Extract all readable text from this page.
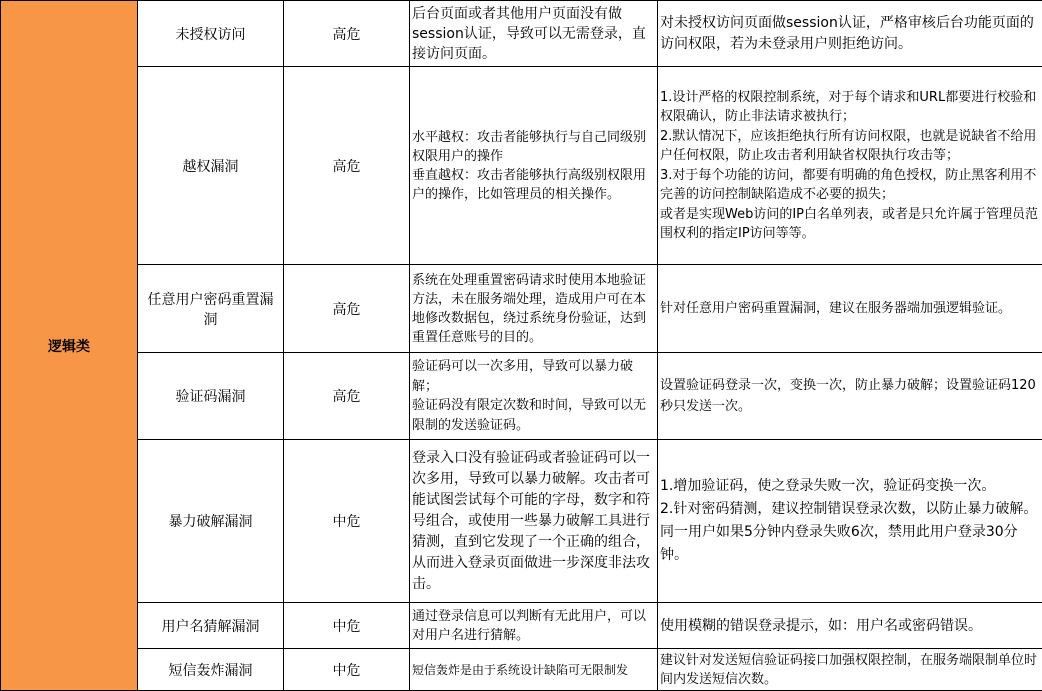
逻辑类	未授权访问	高危	后台页面或者其他用户页面没有做session认证，导致可以无需登录，直接访问页面。	对未授权访问页面做session认证，严格审核后台功能页面的访问权限，若为未登录用户则拒绝访问。

	越权漏洞	高危	水平越权：攻击者能够执行与自己同级别权限用户的操作
垂直越权：攻击者能够执行高级别权限用户的操作，比如管理员的相关操作。	1.设计严格的权限控制系统，对于每个请求和URL都要进行校验和权限确认，防止非法请求被执行；
2.默认情况下，应该拒绝执行所有访问权限，也就是说缺省不给用户任何权限，防止攻击者利用缺省权限执行攻击等；
3.对于每个功能的访问，都要有明确的角色授权，防止黑客利用不完善的访问控制缺陷造成不必要的损失；
或者是实现Web访问的IP白名单列表，或者是只允许属于管理员范围权利的指定IP访问等等。

	任意用户密码重置漏洞	高危	系统在处理重置密码请求时使用本地验证方法，未在服务端处理，造成用户可在本地修改数据包，绕过系统身份验证，达到重置任意账号的目的。	针对任意用户密码重置漏洞，建议在服务器端加强逻辑验证。

	验证码漏洞	高危	验证码可以一次多用，导致可以暴力破解；
验证码没有限定次数和时间，导致可以无限制的发送验证码。	设置验证码登录一次，变换一次，防止暴力破解；设置验证码120秒只发送一次。

	暴力破解漏洞	中危	登录入口没有验证码或者验证码可以一次多用，导致可以暴力破解。攻击者可能试图尝试每个可能的字母，数字和符号组合，或使用一些暴力破解工具进行猜测，直到它发现了一个正确的组合，从而进入登录页面做进一步深度非法攻击。	1.增加验证码，使之登录失败一次，验证码变换一次。
2.针对密码猜测，建议控制错误登录次数，以防止暴力破解。同一用户如果5分钟内登录失败6次，禁用此用户登录30分钟。

	用户名猜解漏洞	中危	通过登录信息可以判断有无此用户，可以对用户名进行猜解。	使用模糊的错误登录提示，如：用户名或密码错误。

	短信轰炸漏洞	中危	短信轰炸是由于系统设计缺陷可无限制发	建议针对发送短信验证码接口加强权限控制，在服务端限制单位时间内发送短信次数。
